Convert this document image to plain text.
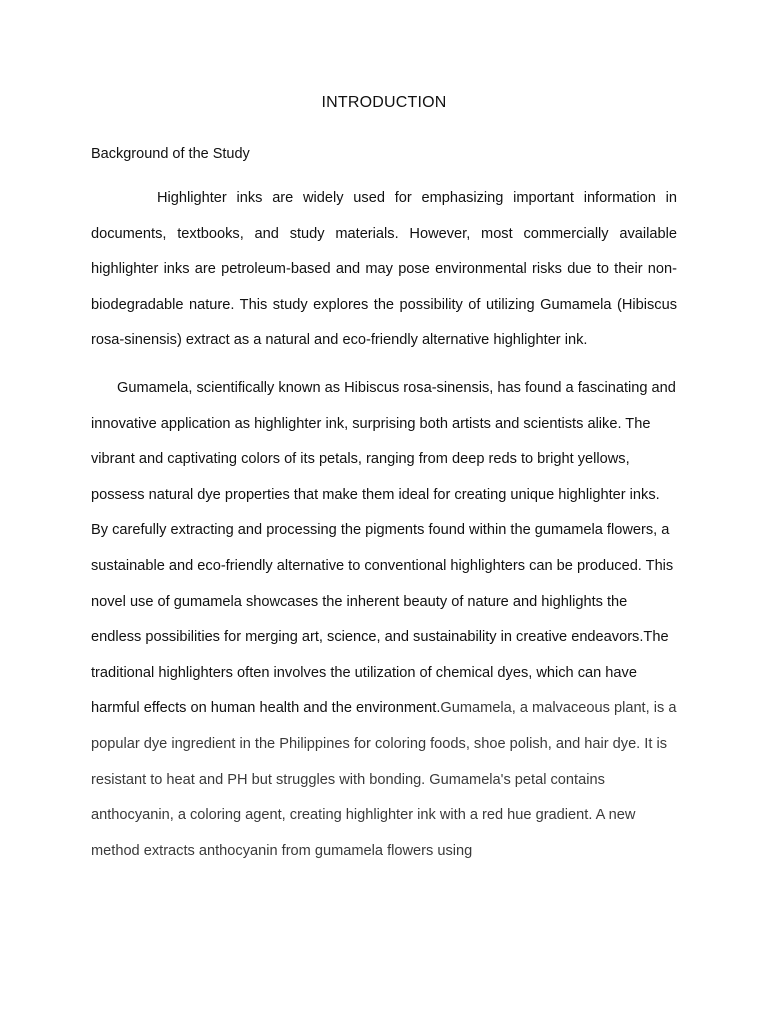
INTRODUCTION
Background of the Study

Highlighter inks are widely used for emphasizing important information in documents, textbooks, and study materials. However, most commercially available highlighter inks are petroleum-based and may pose environmental risks due to their non-biodegradable nature. This study explores the possibility of utilizing Gumamela (Hibiscus rosa-sinensis) extract as a natural and eco-friendly alternative highlighter ink.

Gumamela, scientifically known as Hibiscus rosa-sinensis, has found a fascinating and innovative application as highlighter ink, surprising both artists and scientists alike. The vibrant and captivating colors of its petals, ranging from deep reds to bright yellows, possess natural dye properties that make them ideal for creating unique highlighter inks. By carefully extracting and processing the pigments found within the gumamela flowers, a sustainable and eco-friendly alternative to conventional highlighters can be produced. This novel use of gumamela showcases the inherent beauty of nature and highlights the endless possibilities for merging art, science, and sustainability in creative endeavors.The traditional highlighters often involves the utilization of chemical dyes, which can have harmful effects on human health and the environment.Gumamela, a malvaceous plant, is a popular dye ingredient in the Philippines for coloring foods, shoe polish, and hair dye. It is resistant to heat and PH but struggles with bonding. Gumamela's petal contains anthocyanin, a coloring agent, creating highlighter ink with a red hue gradient. A new method extracts anthocyanin from gumamela flowers using
